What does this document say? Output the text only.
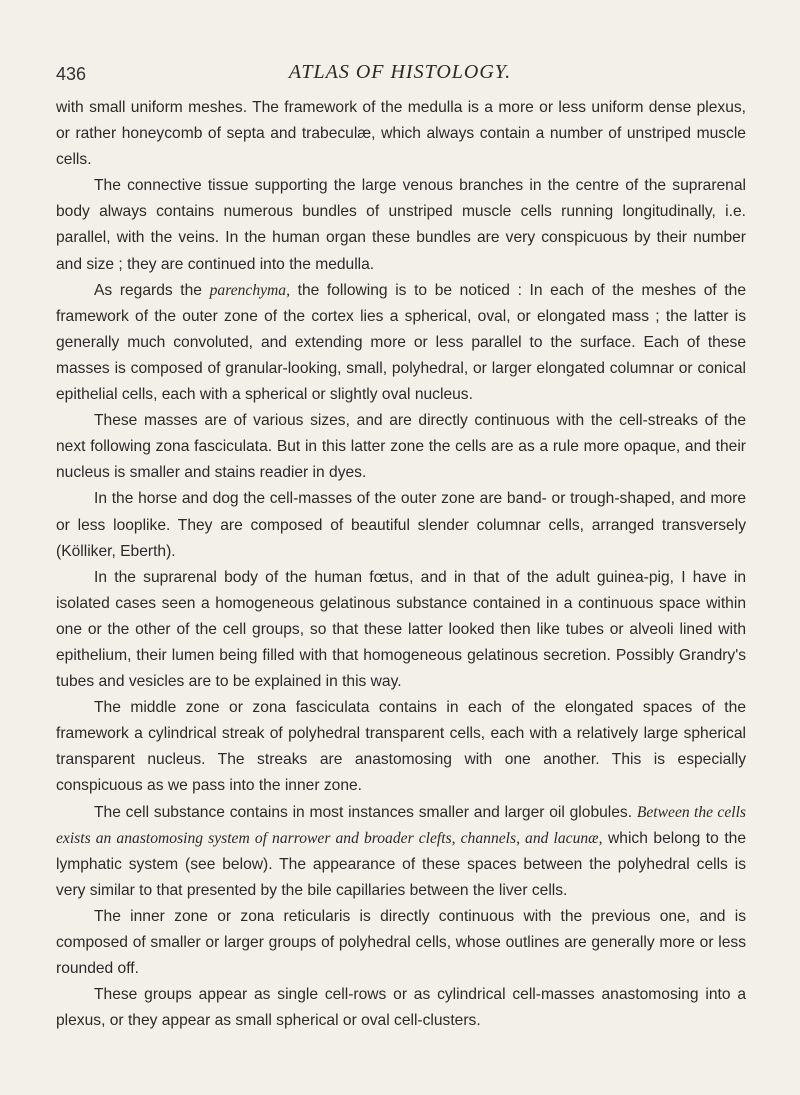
436	ATLAS OF HISTOLOGY.

with small uniform meshes. The framework of the medulla is a more or less uniform dense plexus, or rather honeycomb of septa and trabeculæ, which always contain a number of unstriped muscle cells.

The connective tissue supporting the large venous branches in the centre of the suprarenal body always contains numerous bundles of unstriped muscle cells running longitudinally, i.e. parallel, with the veins. In the human organ these bundles are very conspicuous by their number and size ; they are continued into the medulla.

As regards the parenchyma, the following is to be noticed : In each of the meshes of the framework of the outer zone of the cortex lies a spherical, oval, or elongated mass ; the latter is generally much convoluted, and extending more or less parallel to the surface. Each of these masses is composed of granular-looking, small, polyhedral, or larger elongated columnar or conical epithelial cells, each with a spherical or slightly oval nucleus.

These masses are of various sizes, and are directly continuous with the cell-streaks of the next following zona fasciculata. But in this latter zone the cells are as a rule more opaque, and their nucleus is smaller and stains readier in dyes.

In the horse and dog the cell-masses of the outer zone are band- or trough-shaped, and more or less looplike. They are composed of beautiful slender columnar cells, arranged transversely (Kölliker, Eberth).

In the suprarenal body of the human fœtus, and in that of the adult guinea-pig, I have in isolated cases seen a homogeneous gelatinous substance contained in a continuous space within one or the other of the cell groups, so that these latter looked then like tubes or alveoli lined with epithelium, their lumen being filled with that homogeneous gelatinous secretion. Possibly Grandry's tubes and vesicles are to be explained in this way.

The middle zone or zona fasciculata contains in each of the elongated spaces of the framework a cylindrical streak of polyhedral transparent cells, each with a relatively large spherical transparent nucleus. The streaks are anastomosing with one another. This is especially conspicuous as we pass into the inner zone.

The cell substance contains in most instances smaller and larger oil globules. Between the cells exists an anastomosing system of narrower and broader clefts, channels, and lacunæ, which belong to the lymphatic system (see below). The appearance of these spaces between the polyhedral cells is very similar to that presented by the bile capillaries between the liver cells.

The inner zone or zona reticularis is directly continuous with the previous one, and is composed of smaller or larger groups of polyhedral cells, whose outlines are generally more or less rounded off.

These groups appear as single cell-rows or as cylindrical cell-masses anastomosing into a plexus, or they appear as small spherical or oval cell-clusters.
